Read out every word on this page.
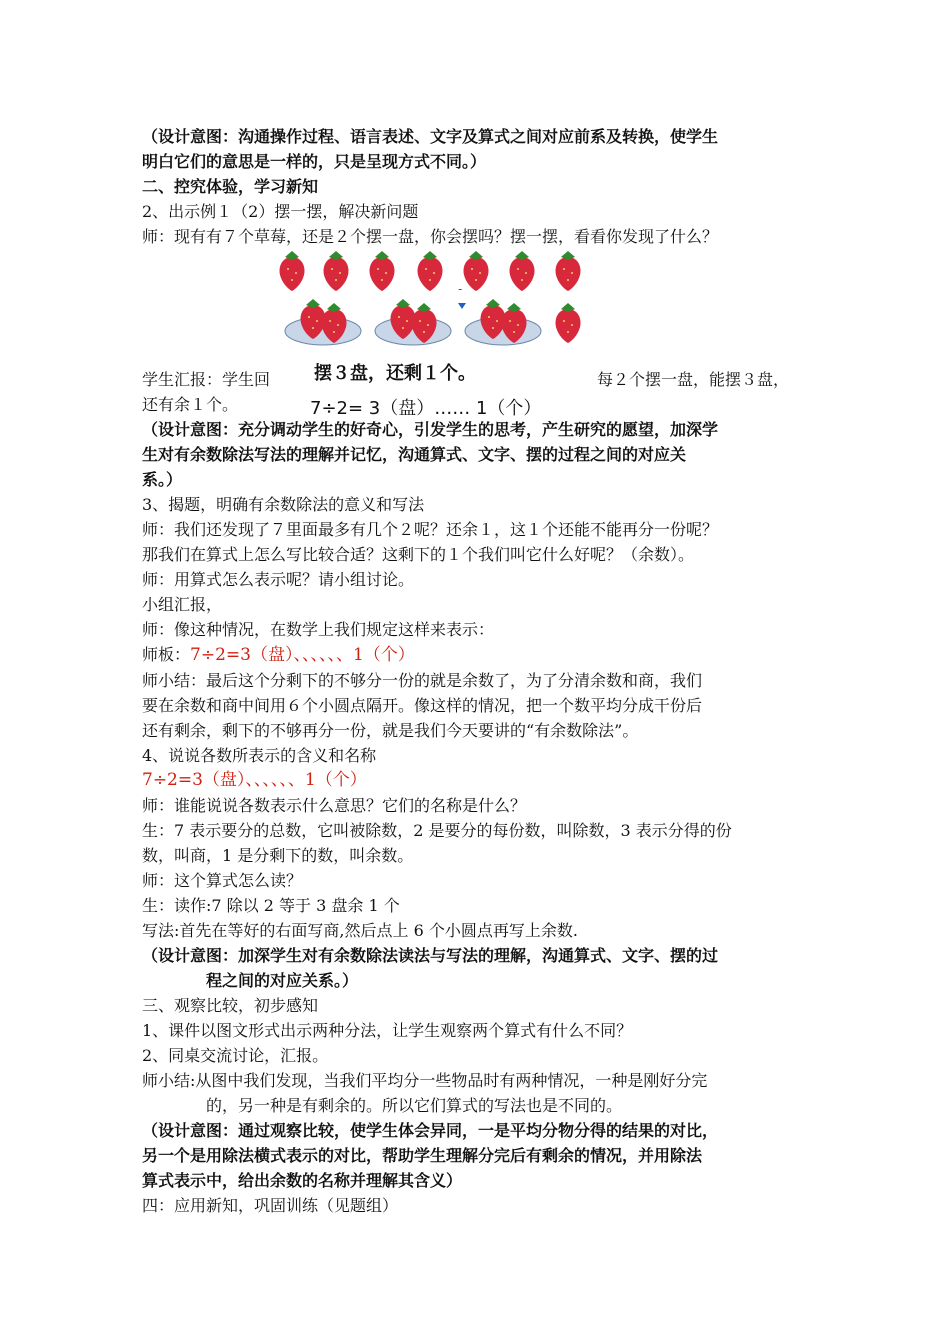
（设计意图：沟通操作过程、语言表述、文字及算式之间对应前系及转换，使学生
明白它们的意思是一样的，只是呈现方式不同。）
二、控究体验，学习新知
2、出示例１（2）摆一摆，解决新问题
师：现有有７个草莓，还是２个摆一盘，你会摆吗？摆一摆，看看你发现了什么？
-
学生汇报：学生回 摆３盘，还剩１个。	每２个摆一盘，能摆３盘，
还有余１个。	7÷2= 3（盘）…… 1（个）
（设计意图：充分调动学生的好奇心，引发学生的思考，产生研究的愿望，加深学
生对有余数除法写法的理解并记忆，沟通算式、文字、摆的过程之间的对应关
系。）
3、揭题，明确有余数除法的意义和写法
师：我们还发现了７里面最多有几个２呢？还余１，这１个还能不能再分一份呢？
那我们在算式上怎么写比较合适？这剩下的１个我们叫它什么好呢？（余数）。
师：用算式怎么表示呢？请小组讨论。
小组汇报，
师：像这种情况，在数学上我们规定这样来表示：
师板：7÷2=3（盘）、、、、、、1（个）
师小结：最后这个分剩下的不够分一份的就是余数了，为了分清余数和商，我们
要在余数和商中间用６个小圆点隔开。像这样的情况，把一个数平均分成干份后
还有剩余，剩下的不够再分一份，就是我们今天要讲的“有余数除法”。
4、说说各数所表示的含义和名称
7÷2=3（盘）、、、、、、1（个）
师：谁能说说各数表示什么意思？它们的名称是什么？
生：7 表示要分的总数，它叫被除数，2 是要分的每份数，叫除数，3 表示分得的份
数，叫商，1 是分剩下的数，叫余数。
师：这个算式怎么读？
生：读作:7 除以 2 等于 3 盘余 1 个
写法:首先在等好的右面写商,然后点上 6 个小圆点再写上余数.
（设计意图：加深学生对有余数除法读法与写法的理解，沟通算式、文字、摆的过
程之间的对应关系。）
三、观察比较，初步感知
1、课件以图文形式出示两种分法，让学生观察两个算式有什么不同？
2、同桌交流讨论，汇报。
师小结:从图中我们发现，当我们平均分一些物品时有两种情况，一种是刚好分完
的，另一种是有剩余的。所以它们算式的写法也是不同的。
（设计意图：通过观察比较，使学生体会异同，一是平均分物分得的结果的对比，
另一个是用除法横式表示的对比，帮助学生理解分完后有剩余的情况，并用除法
算式表示中，给出余数的名称并理解其含义）
四：应用新知，巩固训练（见题组）
